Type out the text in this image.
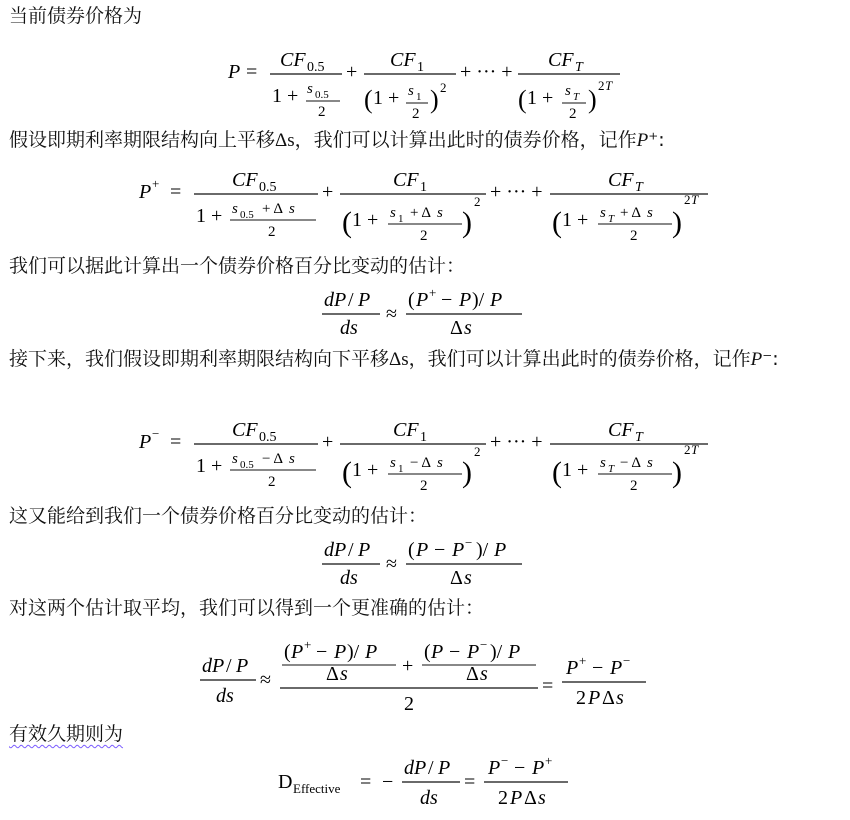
当前债券价格为
P =
CF 0.5
1 + s 0.5
2
+
CF 1
( 1 + s 1
2 ) 2
+ ··· +
CF T
( 1 + s T
2 ) 2 T
假设即期利率期限结构向上平移Δs，我们可以计算出此时的债券价格，记作P⁺:
P + =
CF 0.5
1 + s 0.5 + Δ s
2
+
CF 1
( 1 + s 1 + Δ s
2 )
2 + ··· +
CF T
( 1 + s T + Δ s
2 )
2 T
我们可以据此计算出一个债券价格百分比变动的估计：
dP / P
ds
≈
( P + − P )/ P
Δ s
接下来，我们假设即期利率期限结构向下平移Δs，我们可以计算出此时的债券价格，记作P⁻:
P − =
CF 0.5
1 + s 0.5 − Δ s
2
+
CF 1
( 1 + s 1 − Δ s
2 )
2 + ··· +
CF T
( 1 + s T − Δ s
2 )
2 T
这又能给到我们一个债券价格百分比变动的估计：
dP / P
ds
≈
( P − P − )/ P
Δ s
对这两个估计取平均，我们可以得到一个更准确的估计：
dP / P
ds
≈
( P + − P )/ P
Δ s	+
( P − P − )/ P
Δ s
2
=
P + − P −
2 P Δ s
有效久期则为
D Effective = −
dP / P
ds
=
P − − P +
2 P Δ s
